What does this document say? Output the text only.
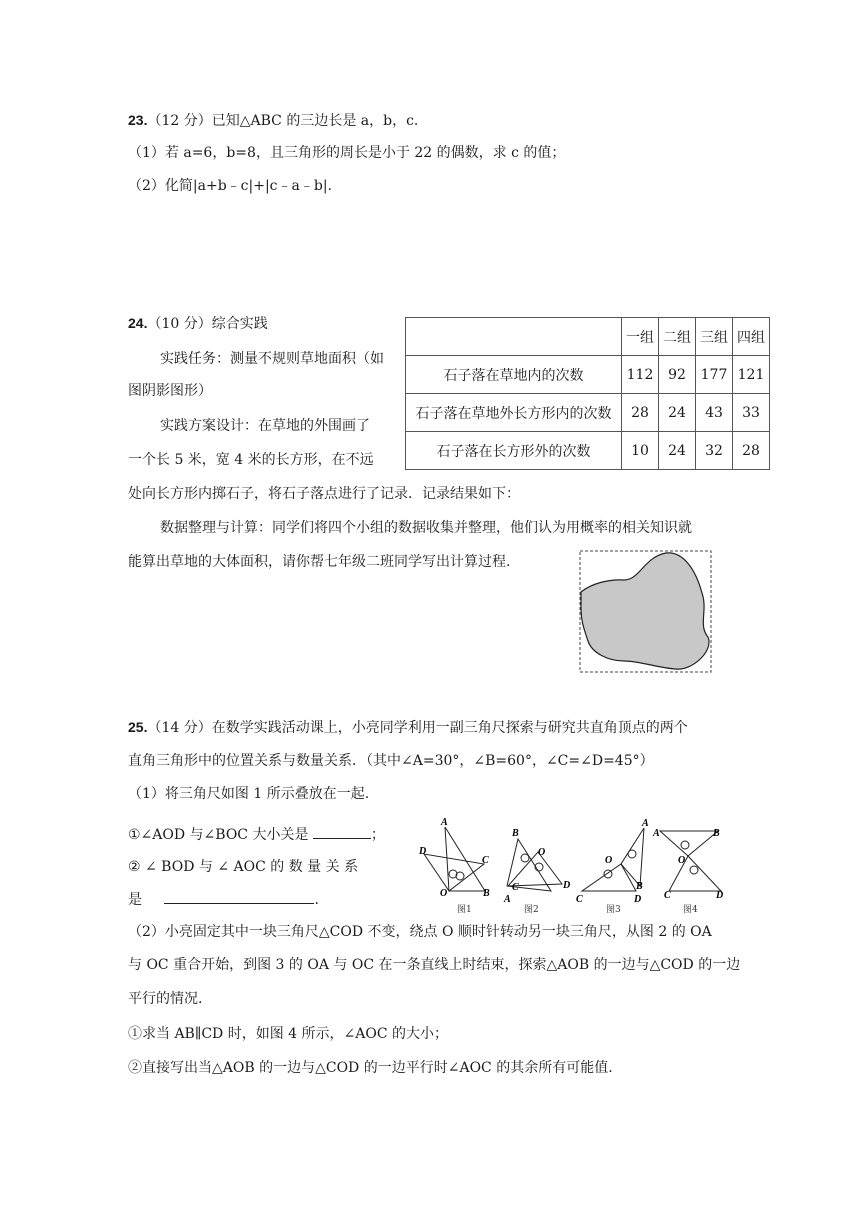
23.（12 分）已知△ABC 的三边长是 a，b，c.
（1）若 a=6，b=8，且三角形的周长是小于 22 的偶数，求 c 的值；
（2）化简|a+b﹣c|+|c﹣a﹣b|.
24.（10 分）综合实践
实践任务：测量不规则草地面积（如
图阴影图形）
实践方案设计：在草地的外围画了
一个长 5 米，宽 4 米的长方形，在不远
处向长方形内掷石子，将石子落点进行了记录．记录结果如下：
数据整理与计算：同学们将四个小组的数据收集并整理，他们认为用概率的相关知识就
能算出草地的大体面积，请你帮七年级二班同学写出计算过程.
	一组	二组	三组	四组
石子落在草地内的次数	112	92	177	121
石子落在草地外长方形内的次数	28	24	43	33
石子落在长方形外的次数	10	24	32	28
25.（14 分）在数学实践活动课上，小亮同学利用一副三角尺探索与研究共直角顶点的两个
直角三角形中的位置关系与数量关系．（其中∠A=30°，∠B=60°，∠C=∠D=45°）
（1）将三角尺如图 1 所示叠放在一起.
①∠AOD 与∠BOC 大小关是	；
② ∠ BOD 与 ∠ AOC 的 数 量 关 系
是	.
（2）小亮固定其中一块三角尺△COD 不变，绕点 O 顺时针转动另一块三角尺，从图 2 的 OA
与 OC 重合开始，到图 3 的 OA 与 OC 在一条直线上时结束，探索△AOB 的一边与△COD 的一边
平行的情况.
①求当 AB∥CD 时，如图 4 所示，∠AOC 的大小；
②直接写出当△AOB 的一边与△COD 的一边平行时∠AOC 的其余所有可能值.
A
D
C
O	B
B
O
C
A
D
A
O
B
C	D
A	B
O
C	D
图1	图2	图3	图4
